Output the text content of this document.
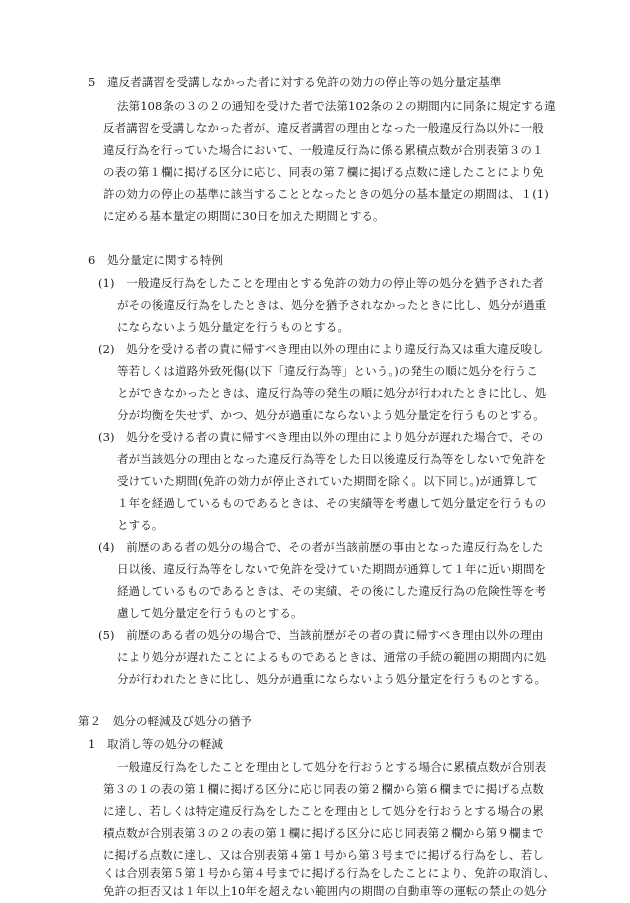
5　違反者講習を受講しなかった者に対する免許の効力の停止等の処分量定基準
法第108条の３の２の通知を受けた者で法第102条の２の期間内に同条に規定する違
反者講習を受講しなかった者が、違反者講習の理由となった一般違反行為以外に一般
違反行為を行っていた場合において、一般違反行為に係る累積点数が合別表第３の１
の表の第１欄に掲げる区分に応じ、同表の第７欄に掲げる点数に達したことにより免
許の効力の停止の基準に該当することとなったときの処分の基本量定の期間は、１(1)
に定める基本量定の期間に30日を加えた期間とする。
6　処分量定に関する特例
(1)　一般違反行為をしたことを理由とする免許の効力の停止等の処分を猶予された者
がその後違反行為をしたときは、処分を猶予されなかったときに比し、処分が過重
にならないよう処分量定を行うものとする。
(2)　処分を受ける者の責に帰すべき理由以外の理由により違反行為又は重大違反唆し
等若しくは道路外致死傷(以下「違反行為等」という。)の発生の順に処分を行うこ
とができなかったときは、違反行為等の発生の順に処分が行われたときに比し、処
分が均衡を失せず、かつ、処分が過重にならないよう処分量定を行うものとする。
(3)　処分を受ける者の責に帰すべき理由以外の理由により処分が遅れた場合で、その
者が当該処分の理由となった違反行為等をした日以後違反行為等をしないで免許を
受けていた期間(免許の効力が停止されていた期間を除く。以下同じ。)が通算して
１年を経過しているものであるときは、その実績等を考慮して処分量定を行うもの
とする。
(4)　前歴のある者の処分の場合で、その者が当該前歴の事由となった違反行為をした
日以後、違反行為等をしないで免許を受けていた期間が通算して１年に近い期間を
経過しているものであるときは、その実績、その後にした違反行為の危険性等を考
慮して処分量定を行うものとする。
(5)　前歴のある者の処分の場合で、当該前歴がその者の責に帰すべき理由以外の理由
により処分が遅れたことによるものであるときは、通常の手続の範囲の期間内に処
分が行われたときに比し、処分が過重にならないよう処分量定を行うものとする。
第２　処分の軽減及び処分の猶予
1　取消し等の処分の軽減
一般違反行為をしたことを理由として処分を行おうとする場合に累積点数が合別表
第３の１の表の第１欄に掲げる区分に応じ同表の第２欄から第６欄までに掲げる点数
に達し、若しくは特定違反行為をしたことを理由として処分を行おうとする場合の累
積点数が合別表第３の２の表の第１欄に掲げる区分に応じ同表第２欄から第９欄まで
に掲げる点数に達し、又は合別表第４第１号から第３号までに掲げる行為をし、若し
くは合別表第５第１号から第４号までに掲げる行為をしたことにより、免許の取消し、
免許の拒否又は１年以上10年を超えない範囲内の期間の自動車等の運転の禁止の処分
